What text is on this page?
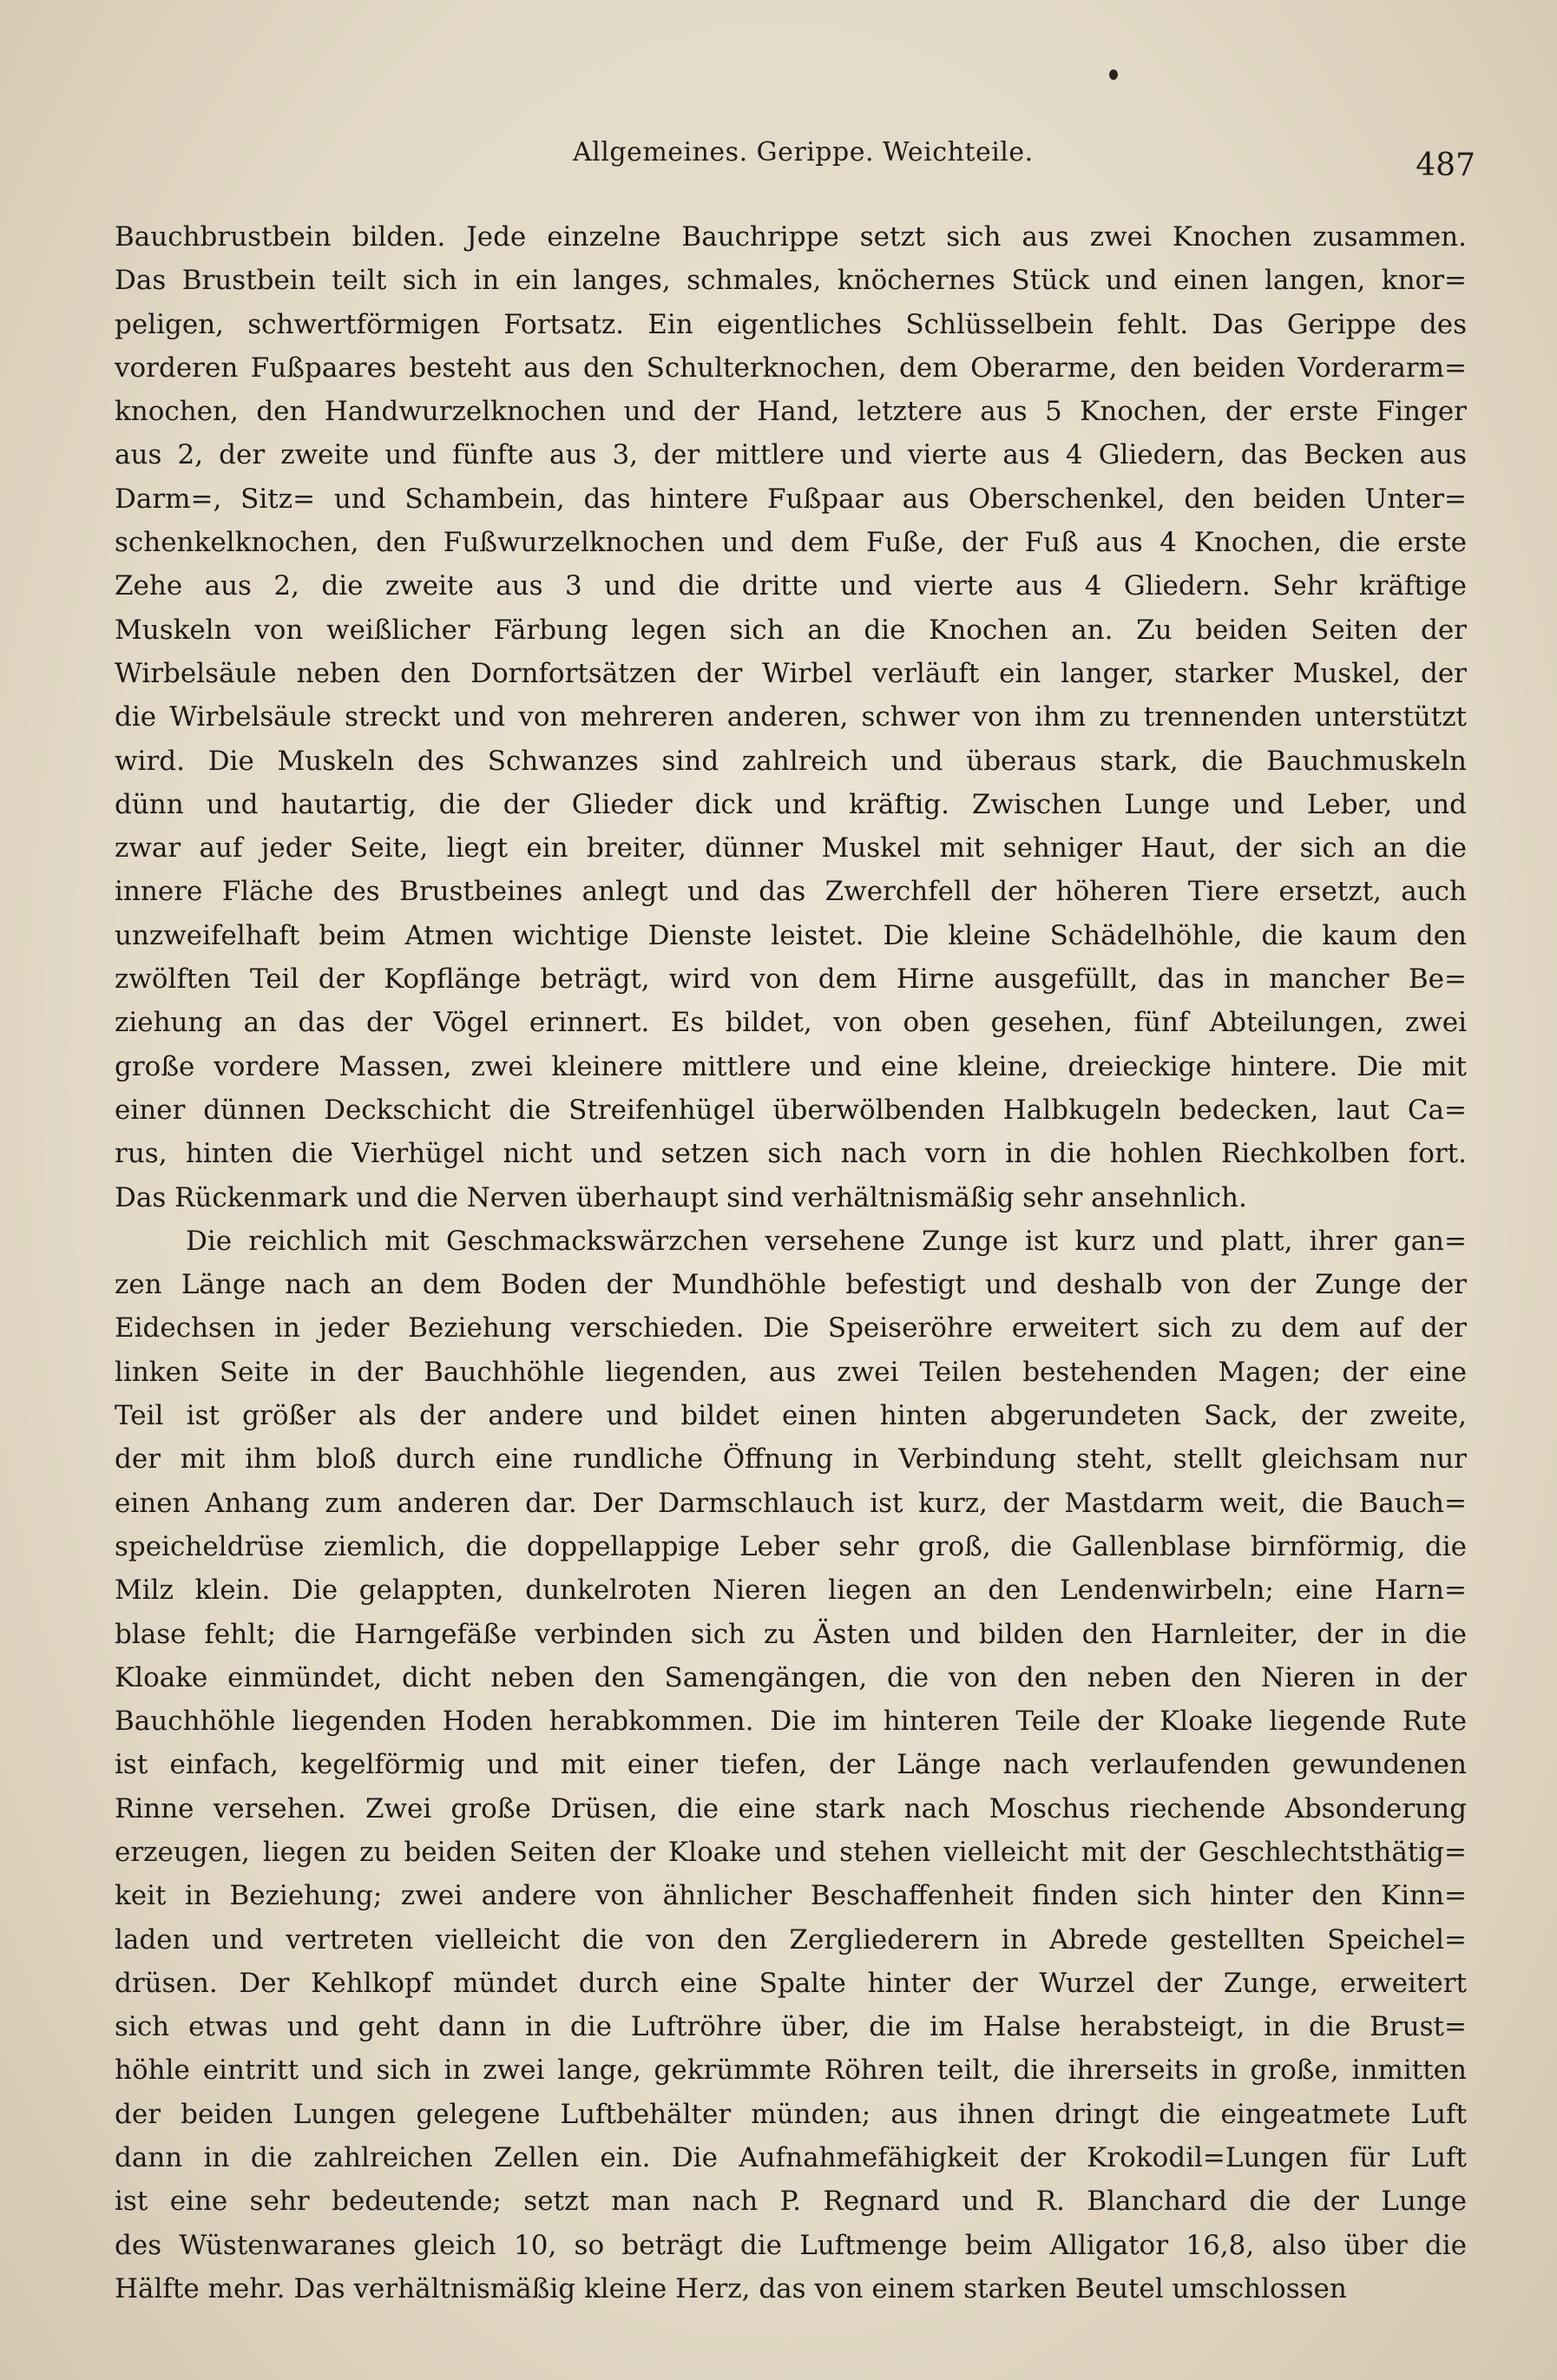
Allgemeines. Gerippe. Weichteile.	487
Bauchbrustbein bilden. Jede einzelne Bauchrippe setzt sich aus zwei Knochen zusammen.
Das Brustbein teilt sich in ein langes, schmales, knöchernes Stück und einen langen, knor=
peligen, schwertförmigen Fortsatz. Ein eigentliches Schlüsselbein fehlt. Das Gerippe des
vorderen Fußpaares besteht aus den Schulterknochen, dem Oberarme, den beiden Vorderarm=
knochen, den Handwurzelknochen und der Hand, letztere aus 5 Knochen, der erste Finger
aus 2, der zweite und fünfte aus 3, der mittlere und vierte aus 4 Gliedern, das Becken aus
Darm=, Sitz= und Schambein, das hintere Fußpaar aus Oberschenkel, den beiden Unter=
schenkelknochen, den Fußwurzelknochen und dem Fuße, der Fuß aus 4 Knochen, die erste
Zehe aus 2, die zweite aus 3 und die dritte und vierte aus 4 Gliedern. Sehr kräftige
Muskeln von weißlicher Färbung legen sich an die Knochen an. Zu beiden Seiten der
Wirbelsäule neben den Dornfortsätzen der Wirbel verläuft ein langer, starker Muskel, der
die Wirbelsäule streckt und von mehreren anderen, schwer von ihm zu trennenden unterstützt
wird. Die Muskeln des Schwanzes sind zahlreich und überaus stark, die Bauchmuskeln
dünn und hautartig, die der Glieder dick und kräftig. Zwischen Lunge und Leber, und
zwar auf jeder Seite, liegt ein breiter, dünner Muskel mit sehniger Haut, der sich an die
innere Fläche des Brustbeines anlegt und das Zwerchfell der höheren Tiere ersetzt, auch
unzweifelhaft beim Atmen wichtige Dienste leistet. Die kleine Schädelhöhle, die kaum den
zwölften Teil der Kopflänge beträgt, wird von dem Hirne ausgefüllt, das in mancher Be=
ziehung an das der Vögel erinnert. Es bildet, von oben gesehen, fünf Abteilungen, zwei
große vordere Massen, zwei kleinere mittlere und eine kleine, dreieckige hintere. Die mit
einer dünnen Deckschicht die Streifenhügel überwölbenden Halbkugeln bedecken, laut Ca=
rus, hinten die Vierhügel nicht und setzen sich nach vorn in die hohlen Riechkolben fort.
Das Rückenmark und die Nerven überhaupt sind verhältnismäßig sehr ansehnlich.
Die reichlich mit Geschmackswärzchen versehene Zunge ist kurz und platt, ihrer gan=
zen Länge nach an dem Boden der Mundhöhle befestigt und deshalb von der Zunge der
Eidechsen in jeder Beziehung verschieden. Die Speiseröhre erweitert sich zu dem auf der
linken Seite in der Bauchhöhle liegenden, aus zwei Teilen bestehenden Magen; der eine
Teil ist größer als der andere und bildet einen hinten abgerundeten Sack, der zweite,
der mit ihm bloß durch eine rundliche Öffnung in Verbindung steht, stellt gleichsam nur
einen Anhang zum anderen dar. Der Darmschlauch ist kurz, der Mastdarm weit, die Bauch=
speicheldrüse ziemlich, die doppellappige Leber sehr groß, die Gallenblase birnförmig, die
Milz klein. Die gelappten, dunkelroten Nieren liegen an den Lendenwirbeln; eine Harn=
blase fehlt; die Harngefäße verbinden sich zu Ästen und bilden den Harnleiter, der in die
Kloake einmündet, dicht neben den Samengängen, die von den neben den Nieren in der
Bauchhöhle liegenden Hoden herabkommen. Die im hinteren Teile der Kloake liegende Rute
ist einfach, kegelförmig und mit einer tiefen, der Länge nach verlaufenden gewundenen
Rinne versehen. Zwei große Drüsen, die eine stark nach Moschus riechende Absonderung
erzeugen, liegen zu beiden Seiten der Kloake und stehen vielleicht mit der Geschlechtsthätig=
keit in Beziehung; zwei andere von ähnlicher Beschaffenheit finden sich hinter den Kinn=
laden und vertreten vielleicht die von den Zergliederern in Abrede gestellten Speichel=
drüsen. Der Kehlkopf mündet durch eine Spalte hinter der Wurzel der Zunge, erweitert
sich etwas und geht dann in die Luftröhre über, die im Halse herabsteigt, in die Brust=
höhle eintritt und sich in zwei lange, gekrümmte Röhren teilt, die ihrerseits in große, inmitten
der beiden Lungen gelegene Luftbehälter münden; aus ihnen dringt die eingeatmete Luft
dann in die zahlreichen Zellen ein. Die Aufnahmefähigkeit der Krokodil=Lungen für Luft
ist eine sehr bedeutende; setzt man nach P. Regnard und R. Blanchard die der Lunge
des Wüstenwaranes gleich 10, so beträgt die Luftmenge beim Alligator 16,8, also über die
Hälfte mehr. Das verhältnismäßig kleine Herz, das von einem starken Beutel umschlossen
